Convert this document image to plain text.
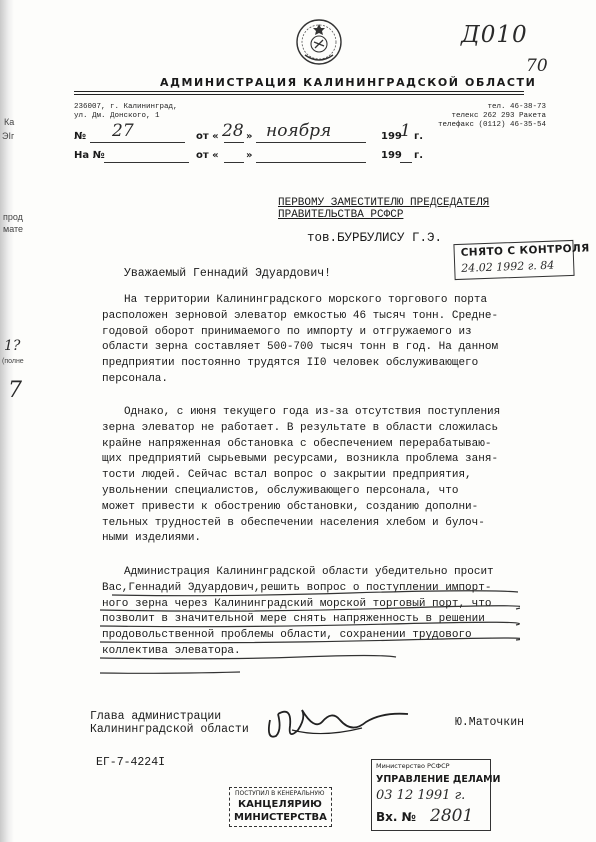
Ка
ЭIг
прод
мате
1?
(полне
7
Д010
70
АДМИНИСТРАЦИЯ КАЛИНИНГРАДСКОЙ ОБЛАСТИ
236007, г. Калининград,
ул. Дм. Донского, 1
тел. 46-38-73
телекс 262 293 Ракета
телефакс (0112) 46-35-54
№ 27	от « 28 » ноября	199
1 г.
На №	от «	»	199 г.
ПЕРВОМУ ЗАМЕСТИТЕЛЮ ПРЕДСЕДАТЕЛЯ
ПРАВИТЕЛЬСТВА РСФСР
тов.БУРБУЛИСУ Г.Э.
СНЯТО С КОНТРОЛЯ
24.02 1992 г. 84
Уважаемый Геннадий Эдуардович!
На территории Калининградского морского торгового порта
расположен зерновой элеватор емкостью 46 тысяч тонн. Средне-
годовой оборот принимаемого по импорту и отгружаемого из
области зерна составляет 500-700 тысяч тонн в год. На данном
предприятии постоянно трудятся II0 человек обслуживающего
персонала.
Однако, с июня текущего года из-за отсутствия поступления
зерна элеватор не работает. В результате в области сложилась
крайне напряженная обстановка с обеспечением перерабатываю-
щих предприятий сырьевыми ресурсами, возникла проблема заня-
тости людей. Сейчас встал вопрос о закрытии предприятия,
увольнении специалистов, обслуживающего персонала, что
может привести к обострению обстановки, созданию дополни-
тельных трудностей в обеспечении населения хлебом и булоч-
ными изделиями.
Администрация Калининградской области убедительно просит
Вас,Геннадий Эдуардович,решить вопрос о поступлении импорт-
ного зерна через Калининградский морской торговый порт, что
позволит в значительной мере снять напряженность в решении
продовольственной проблемы области, сохранении трудового
коллектива элеватора.
Глава администрации
Калининградской области
Ю.Маточкин
ЕГ-7-4224I	Министерство РСФСР
УПРАВЛЕНИЕ ДЕЛАМИ
03 12 1991 г.
Вх. № 2801
ПОСТУПИЛ В КЕНЕРАЛЬНУЮ
КАНЦЕЛЯРИЮ
МИНИСТЕРСТВА
